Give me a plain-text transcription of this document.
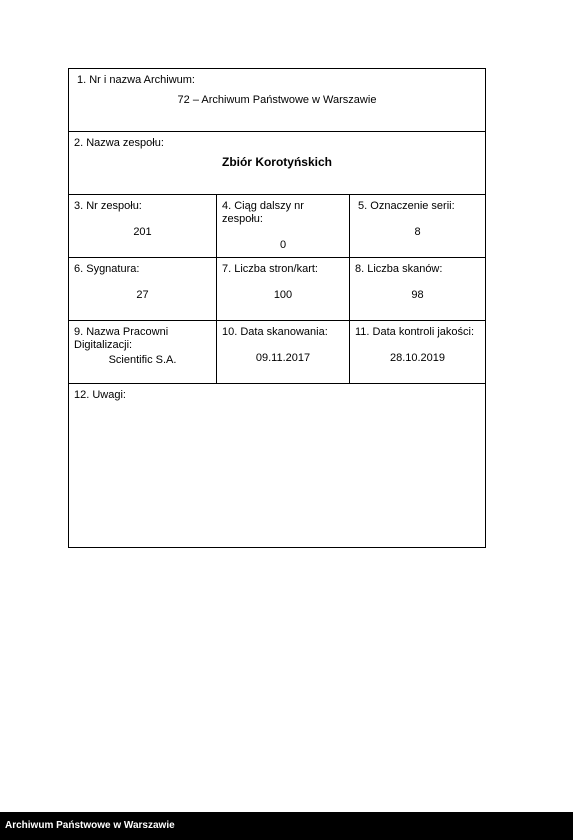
1. Nr i nazwa Archiwum:
72 – Archiwum Państwowe w Warszawie
2. Nazwa zespołu:
Zbiór Korotyńskich
3. Nr zespołu:
201
4. Ciąg dalszy nr zespołu:
0
5. Oznaczenie serii:
8
6. Sygnatura:
27
7. Liczba stron/kart:
100
8. Liczba skanów:
98
9. Nazwa Pracowni Digitalizacji:
Scientific S.A.
10. Data skanowania:
09.11.2017
11. Data kontroli jakości:
28.10.2019
12. Uwagi:
Archiwum Państwowe w Warszawie
